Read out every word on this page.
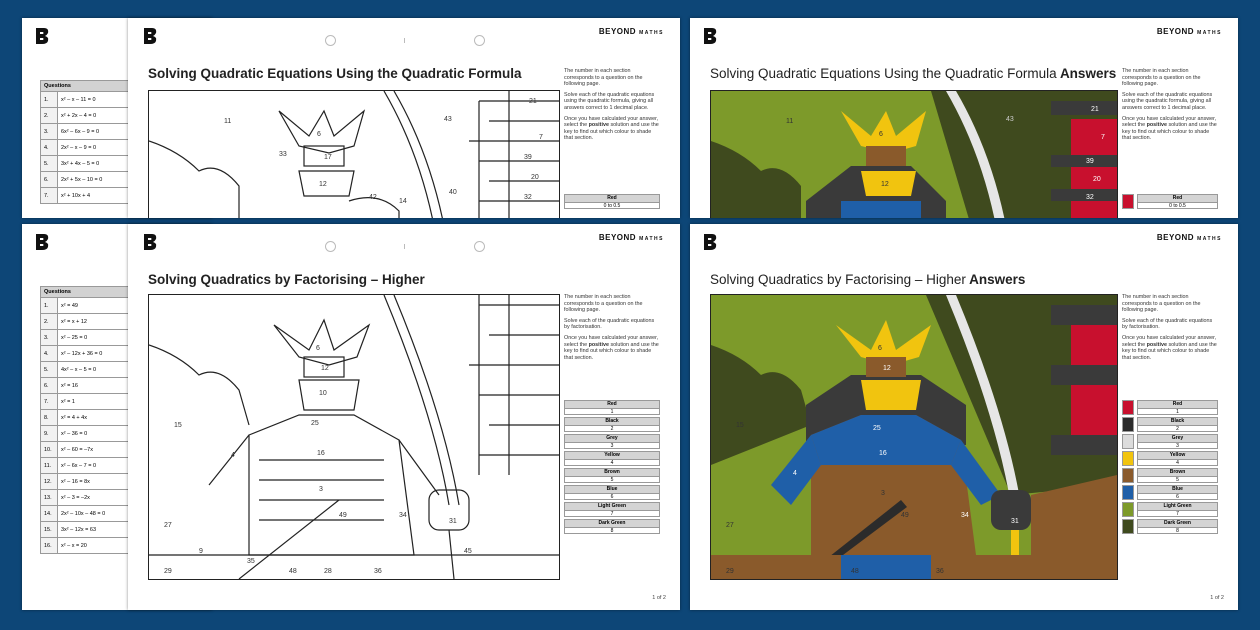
Questions	
1.	x² – x – 11 = 0
2.	x² + 2x – 4 = 0
3.	6x² – 6x – 9 = 0
4.	2x² – x – 9 = 0
5.	3x² + 4x – 5 = 0
6.	2x² + 5x – 10 = 0
7.	x² + 10x + 4
BEYOND MATHS
Solving Quadratic Equations Using the Quadratic Formula
11
6
33	17
12
43
21
7
39
20
40
42
14
32

The number in each section corresponds to a question on the following page.

Solve each of the quadratic equations using the quadratic formula, giving all answers correct to 1 decimal place.

Once you have calculated your answer, select the positive solution and use the key to find out which colour to shade that section.

Red
0 to 0.5
BEYOND MATHS
Solving Quadratic Equations Using the Quadratic Formula Answers
21
7
39
20
32
11
6
12
43

The number in each section corresponds to a question on the following page.

Solve each of the quadratic equations using the quadratic formula, giving all answers correct to 1 decimal place.

Once you have calculated your answer, select the positive solution and use the key to find out which colour to shade that section.

Red
0 to 0.5
Questions	
1.	x² = 49
2.	x² = x + 12
3.	x² – 25 = 0
4.	x² – 12x + 36 = 0
5.	4x² – x – 5 = 0
6.	x² = 16
7.	x² = 1
8.	x² = 4 + 4x
9.	x² – 36 = 0
10.	x² – 60 = –7x
11.	x² – 6x – 7 = 0
12.	x² – 16 = 8x
13.	x² – 3 = –2x
14.	2x² – 10x – 48 = 0
15.	3x² – 12x = 63
16.	x² – x = 20
BEYOND MATHS
Solving Quadratics by Factorising – Higher
15
6
12
10
25
16
4
3
49	34
31
45
27
9
29
35
48	28	36

The number in each section corresponds to a question on the following page.

Solve each of the quadratic equations by factorisation.

Once you have calculated your answer, select the positive solution and use the key to find out which colour to shade that section.

Red
1
Black
2
Grey
3
Yellow
4
Brown
5
Blue
6
Light Green
7
Dark Green
8
1 of 2
BEYOND MATHS
Solving Quadratics by Factorising – Higher Answers
15
6
12
25
16
4
3
49	34
31
27
29	48	36

The number in each section corresponds to a question on the following page.

Solve each of the quadratic equations by factorisation.

Once you have calculated your answer, select the positive solution and use the key to find out which colour to shade that section.

Red
1
Black
2
Grey
3
Yellow
4
Brown
5
Blue
6
Light Green
7
Dark Green
8
1 of 2
